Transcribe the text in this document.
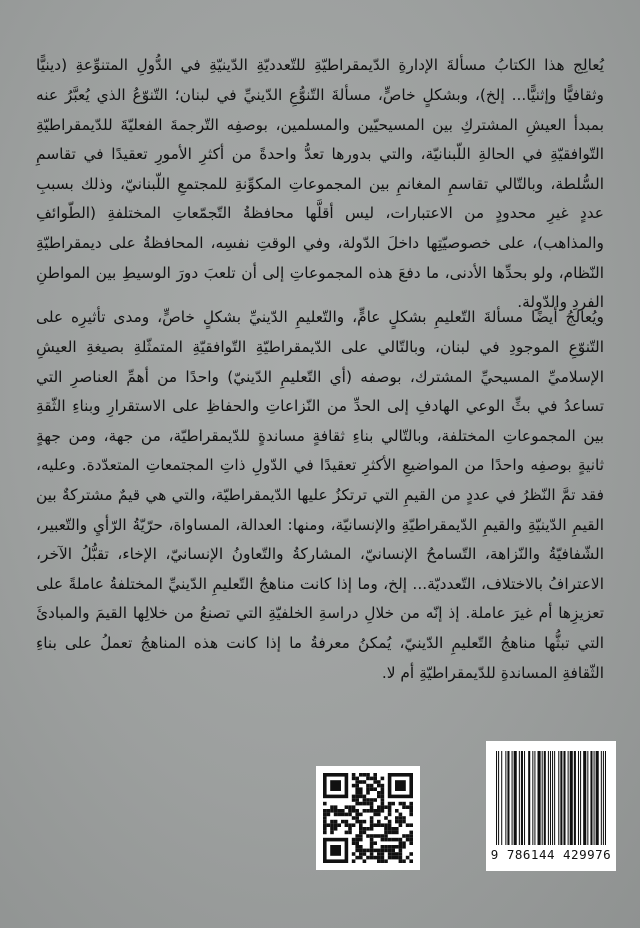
يُعالِج هذا الكتابُ مسألةَ الإدارةِ الدّيمقراطيّةِ للتّعدديّةِ الدّينيّةِ في الدُّولِ المتنوِّعةِ (دينيًّا وثقافيًّا وإثنيًّا... إلخ)، وبشكلٍ خاصٍّ، مسألةَ التّنوُّعِ الدّينيِّ في لبنان؛ التّنوّعُ الذي يُعبَّرُ عنه بمبدأ العيشِ المشتركِ بين المسيحيّين والمسلمين، بوصفِه التّرجمةَ الفعليّةَ للدّيمقراطيّةِ التّوافقيّةِ في الحالةِ اللّبنانيّة، والتي بدورها تعدُّ واحدةً من أكثرِ الأمورِ تعقيدًا في تقاسمِ السُّلطة، وبالتّالي تقاسمِ المغانمِ بين المجموعاتِ المكوِّنةِ للمجتمعِ اللّبنانيّ، وذلك بسببِ عددٍ غيرِ محدودٍ من الاعتبارات، ليس أقلَّها محافظةُ التّجمّعاتِ المختلفةِ (الطّوائفِ والمذاهب)، على خصوصيّتِها داخلَ الدّولة، وفي الوقتِ نفسِه، المحافظةُ على ديمقراطيّةِ النّظام، ولو بحدِّها الأدنى، ما دفعَ هذه المجموعاتِ إلى أن تلعبَ دورَ الوسيطِ بين المواطنِ الفردِ والدّولة.

ويُعالجُ أيضًا مسألةَ التّعليمِ بشكلٍ عامٍّ، والتّعليمِ الدّينيِّ بشكلٍ خاصٍّ، ومدى تأثيرِه على التّنوّعِ الموجودِ في لبنان، وبالتّالي على الدّيمقراطيّةِ التّوافقيّةِ المتمثّلةِ بصيغةِ العيشِ الإسلاميِّ المسيحيِّ المشترك، بوصفه (أي التّعليمِ الدّينيّ) واحدًا من أهمِّ العناصرِ التي تساعدُ في بثِّ الوعي الهادفِ إلى الحدِّ من النّزاعاتِ والحفاظِ على الاستقرارِ وبناءِ الثّقةِ بين المجموعاتِ المختلفة، وبالتّالي بناءِ ثقافةٍ مساندةٍ للدّيمقراطيّة، من جهة، ومن جهةٍ ثانيةٍ بوصفِه واحدًا من المواضيعِ الأكثرِ تعقيدًا في الدّولِ ذاتِ المجتمعاتِ المتعدّدة. وعليه، فقد تمَّ النّظرُ في عددٍ من القيمِ التي ترتكزُ عليها الدّيمقراطيّة، والتي هي قيمٌ مشتركةٌ بين القيمِ الدّينيّةِ والقيمِ الدّيمقراطيّةِ والإنسانيّة، ومنها: العدالة، المساواة، حرّيّةُ الرّأيِ والتّعبير، الشّفافيّةُ والنّزاهة، التّسامحُ الإنسانيّ، المشاركةُ والتّعاونُ الإنسانيّ، الإخاء، تقبُّلُ الآخر، الاعترافُ بالاختلاف، التّعدديّة... إلخ، وما إذا كانت مناهجُ التّعليمِ الدّينيِّ المختلفةُ عاملةً على تعزيزِها أم غيرَ عاملة. إذ إنّه من خلالِ دراسةِ الخلفيّةِ التي تصنعُ من خلالِها القيمَ والمبادئَ التي تبثُّها مناهجُ التّعليمِ الدّينيّ، يُمكنُ معرفةُ ما إذا كانت هذه المناهجُ تعملُ على بناءِ الثّقافةِ المساندةِ للدّيمقراطيّةِ أم لا.

9 786144 429976
